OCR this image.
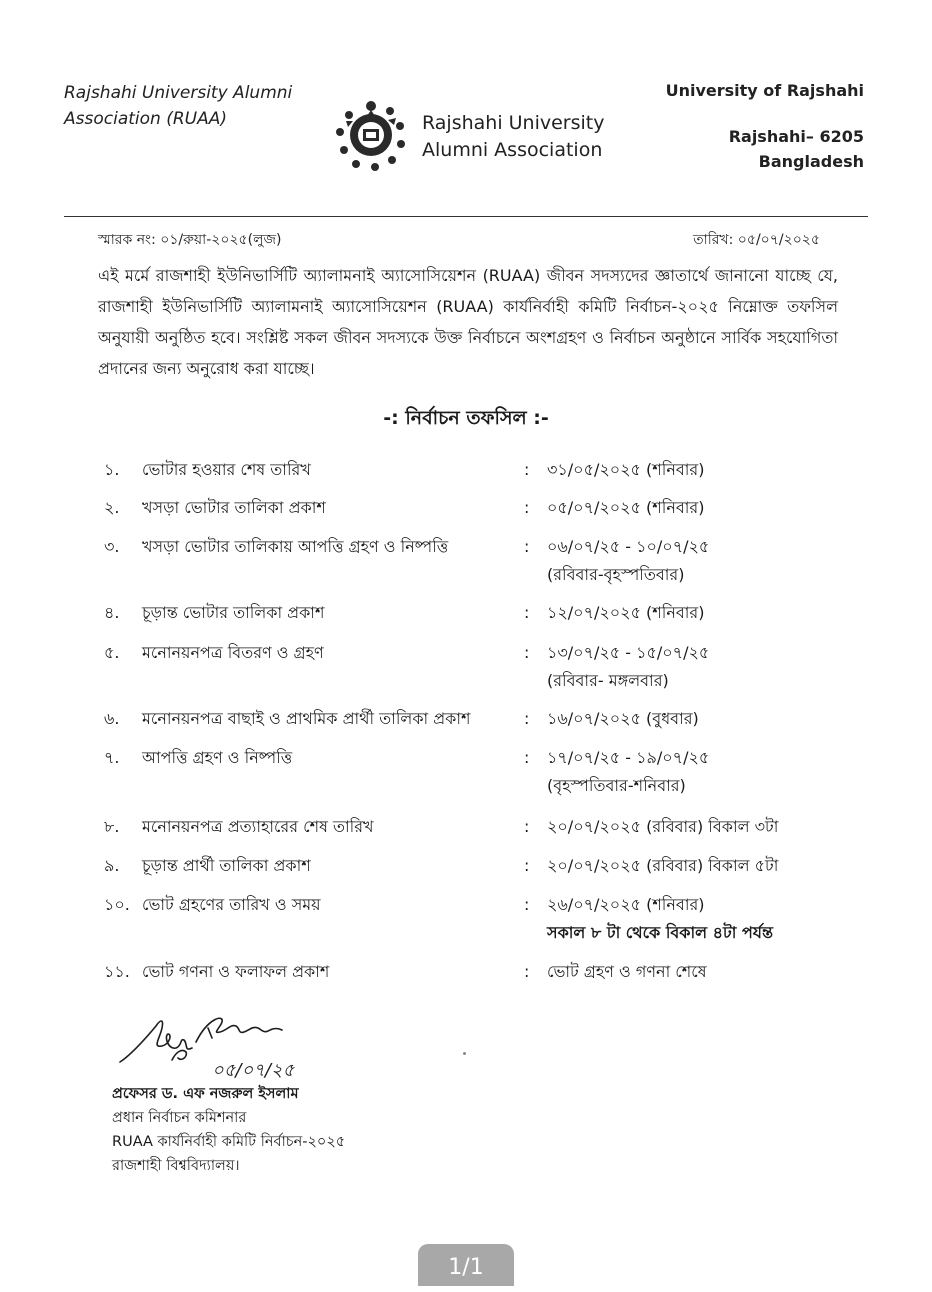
Rajshahi University Alumni
Association (RUAA)	Rajshahi University
Alumni Association
University of Rajshahi
Rajshahi– 6205
Bangladesh
স্মারক নং: ০১/রুয়া-২০২৫(লুজ)	তারিখ: ০৫/০৭/২০২৫
এই মর্মে রাজশাহী ইউনিভার্সিটি অ্যালামনাই অ্যাসোসিয়েশন (RUAA) জীবন সদস্যদের জ্ঞাতার্থে জানানো যাচ্ছে যে, রাজশাহী ইউনিভার্সিটি অ্যালামনাই অ্যাসোসিয়েশন (RUAA) কার্যনির্বাহী কমিটি নির্বাচন-২০২৫ নিম্নোক্ত তফসিল অনুযায়ী অনুষ্ঠিত হবে। সংশ্লিষ্ট সকল জীবন সদস্যকে উক্ত নির্বাচনে অংশগ্রহণ ও নির্বাচন অনুষ্ঠানে সার্বিক সহযোগিতা প্রদানের জন্য অনুরোধ করা যাচ্ছে।
-: নির্বাচন তফসিল :-
১.	ভোটার হওয়ার শেষ তারিখ	: ৩১/০৫/২০২৫ (শনিবার)
২.	খসড়া ভোটার তালিকা প্রকাশ	: ০৫/০৭/২০২৫ (শনিবার)
৩.	খসড়া ভোটার তালিকায় আপত্তি গ্রহণ ও নিষ্পত্তি	: ০৬/০৭/২৫ - ১০/০৭/২৫
(রবিবার-বৃহস্পতিবার)
৪.	চূড়ান্ত ভোটার তালিকা প্রকাশ	: ১২/০৭/২০২৫ (শনিবার)
৫.	মনোনয়নপত্র বিতরণ ও গ্রহণ	: ১৩/০৭/২৫ - ১৫/০৭/২৫
(রবিবার- মঙ্গলবার)
৬.	মনোনয়নপত্র বাছাই ও প্রাথমিক প্রার্থী তালিকা প্রকাশ	: ১৬/০৭/২০২৫ (বুধবার)
৭.	আপত্তি গ্রহণ ও নিষ্পত্তি	: ১৭/০৭/২৫ - ১৯/০৭/২৫
(বৃহস্পতিবার-শনিবার)
৮.	মনোনয়নপত্র প্রত্যাহারের শেষ তারিখ	: ২০/০৭/২০২৫ (রবিবার) বিকাল ৩টা
৯.	চূড়ান্ত প্রার্থী তালিকা প্রকাশ	: ২০/০৭/২০২৫ (রবিবার) বিকাল ৫টা
১০. ভোট গ্রহণের তারিখ ও সময়	: ২৬/০৭/২০২৫ (শনিবার)
সকাল ৮ টা থেকে বিকাল ৪টা পর্যন্ত
১১. ভোট গণনা ও ফলাফল প্রকাশ	: ভোট গ্রহণ ও গণনা শেষে
০৫/০৭/২৫
প্রফেসর ড. এফ নজরুল ইসলাম
প্রধান নির্বাচন কমিশনার
RUAA কার্যনির্বাহী কমিটি নির্বাচন-২০২৫
রাজশাহী বিশ্ববিদ্যালয়।
1/1
